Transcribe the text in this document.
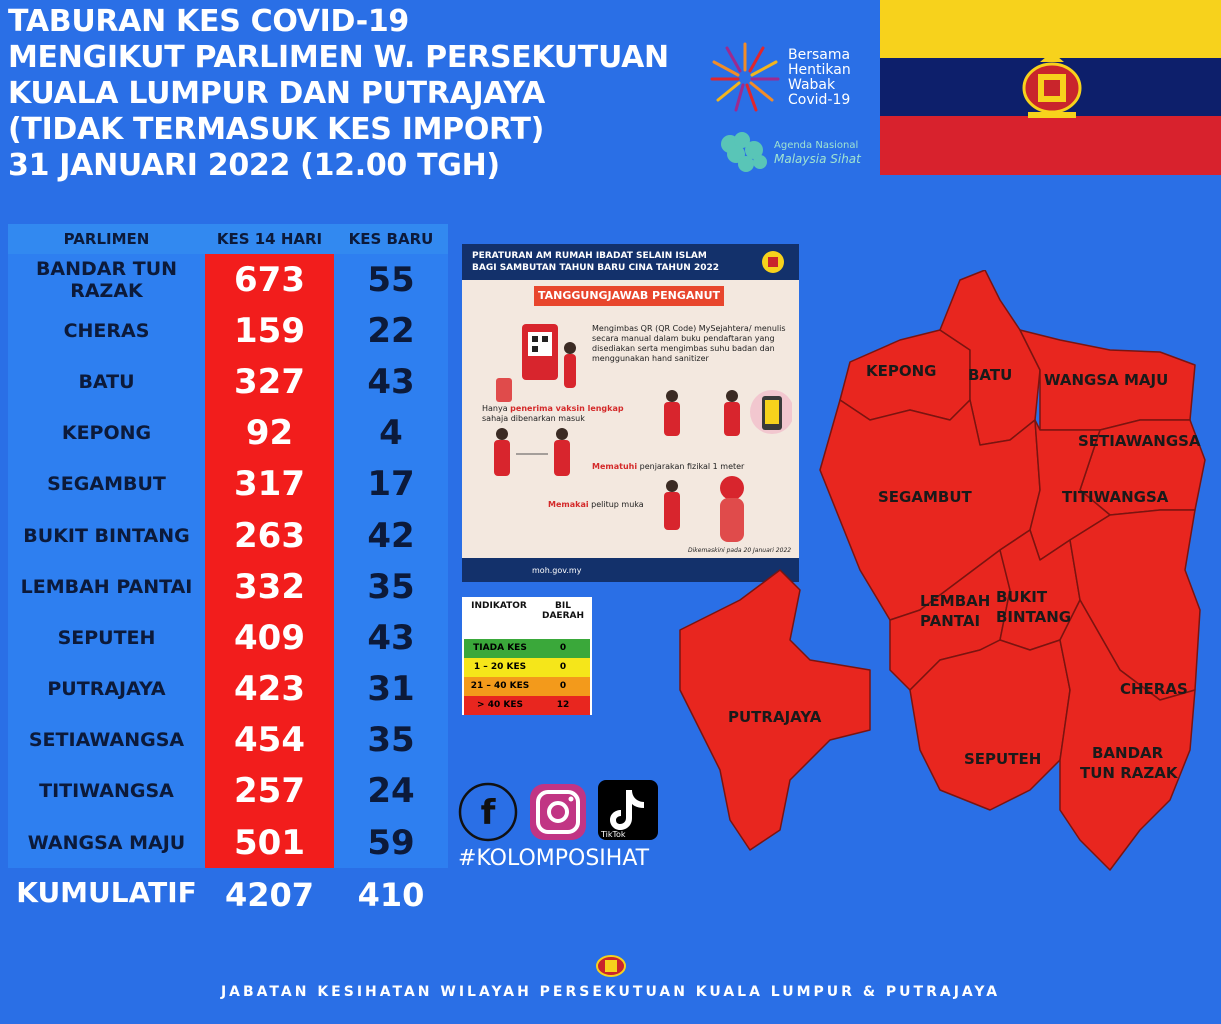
TABURAN KES COVID-19
MENGIKUT PARLIMEN W. PERSEKUTUAN
KUALA LUMPUR DAN PUTRAJAYA
(TIDAK TERMASUK KES IMPORT)
31 JANUARI 2022 (12.00 TGH)
Bersama
Hentikan
Wabak
Covid-19
Agenda Nasional
Malaysia Sihat
PARLIMEN	KES 14 HARI	KES BARU
BANDAR TUN RAZAK	673	55
CHERAS	159	22
BATU	327	43
KEPONG	92	4
SEGAMBUT	317	17
BUKIT BINTANG	263	42
LEMBAH PANTAI	332	35
SEPUTEH	409	43
PUTRAJAYA	423	31
SETIAWANGSA	454	35
TITIWANGSA	257	24
WANGSA MAJU	501	59
KUMULATIF 4207	410
PERATURAN AM RUMAH IBADAT SELAIN ISLAM
BAGI SAMBUTAN TAHUN BARU CINA TAHUN 2022
TANGGUNGJAWAB PENGANUT
Mengimbas QR (QR Code) MySejahtera/ menulis secara manual dalam buku pendaftaran yang disediakan serta mengimbas suhu badan dan menggunakan hand sanitizer
Hanya penerima vaksin lengkap sahaja dibenarkan masuk
Mematuhi penjarakan fizikal 1 meter
Memakai pelitup muka
Dikemaskini pada 20 Januari 2022
moh.gov.my
INDIKATOR	BIL DAERAH
TIADA KES	0
1 – 20 KES	0
21 – 40 KES	0
> 40 KES	12
f
TikTok
#KOLOMPOSIHAT
KEPONG BATU WANGSA MAJU
SETIAWANGSA
SEGAMBUT	TITIWANGSA
LEMBAH
PANTAI
BUKIT
BINTANG
CHERAS
SEPUTEH	BANDAR
TUN RAZAK
PUTRAJAYA
JABATAN KESIHATAN WILAYAH PERSEKUTUAN KUALA LUMPUR & PUTRAJAYA
